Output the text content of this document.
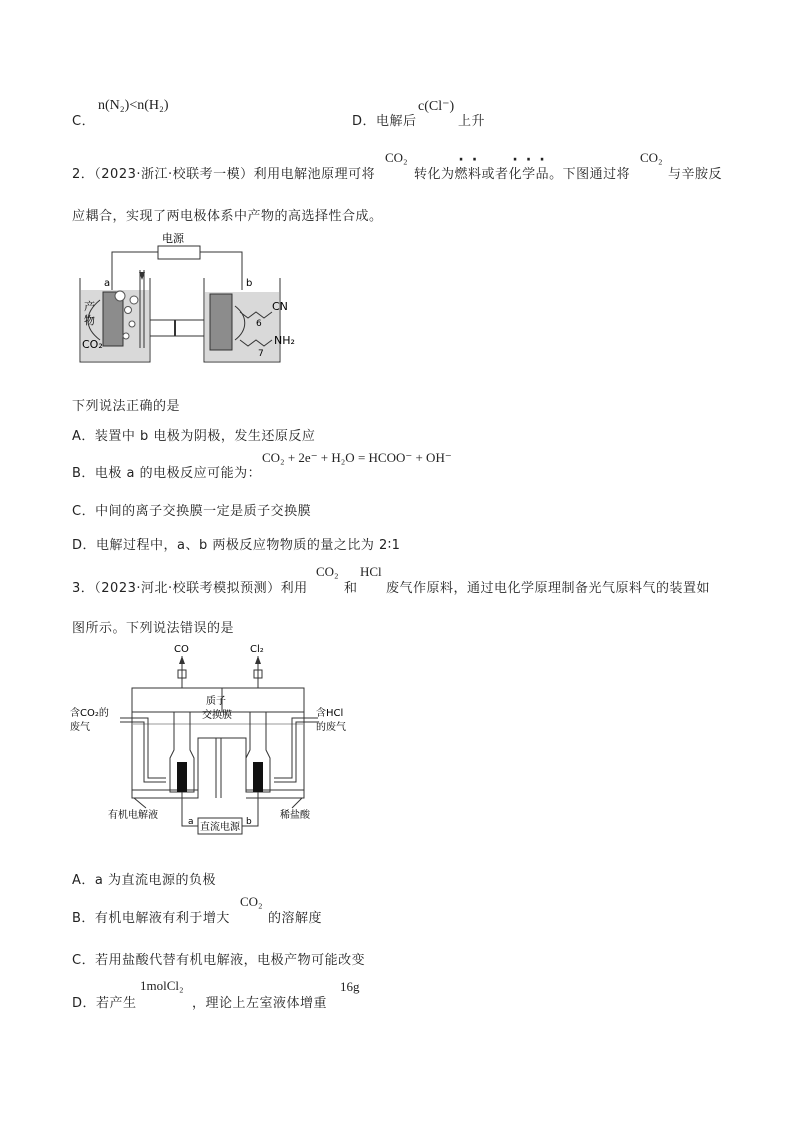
C．
n(N₂)<n(H₂)
D．电解后
c(Cl⁻)
上升
2．（2023·浙江·校联考一模）利用电解池原理可将
CO₂
转化为燃料或者化学品。下图通过将
CO₂
与辛胺反
应耦合，实现了两电极体系中产物的高选择性合成。
电源
a	b
产
物
CO₂
CN
NH₂
6
7
下列说法正确的是
A．装置中 b 电极为阴极，发生还原反应
B．电极 a 的电极反应可能为：
CO₂ + 2e⁻ + H₂O = HCOO⁻ + OH⁻
C．中间的离子交换膜一定是质子交换膜
D．电解过程中，a、b 两极反应物物质的量之比为 2∶1
3．（2023·河北·校联考模拟预测）利用
CO₂
和
HCl
废气作原料，通过电化学原理制备光气原料气的装置如
图所示。下列说法错误的是
CO	Cl₂
直流电源
a	b
含CO₂的
废气
质子
交换膜	含HCl
的废气
有机电解液	稀盐酸
A．a 为直流电源的负极
B．有机电解液有利于增大
CO₂
的溶解度
C．若用盐酸代替有机电解液，电极产物可能改变
D．若产生
1molCl₂
，理论上左室液体增重
16g
